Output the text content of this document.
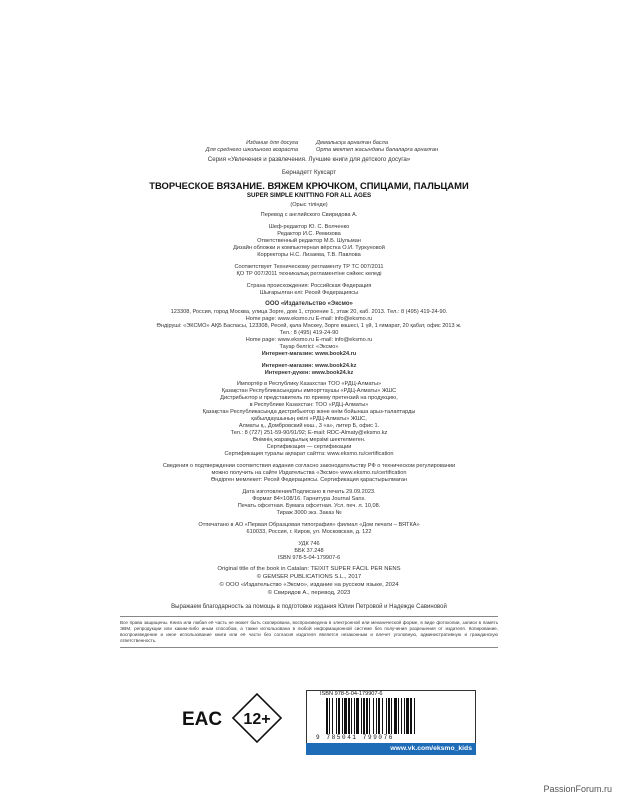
Издание для досуга
Для среднего школьного возраста
Демалысқа арналған басла
Орта мектеп жасындағы балаларға арналған
Серия «Увлечения и развлечения. Лучшие книги для детского досуга»
Бернадетт Куксарт
ТВОРЧЕСКОЕ ВЯЗАНИЕ. ВЯЖЕМ КРЮЧКОМ, СПИЦАМИ, ПАЛЬЦАМИ
SUPER SIMPLE KNITTING FOR ALL AGES
(Орыс тілінде)
Перевод с английского Свиридова А.
Шеф-редактор Ю. С. Волченко
Редактор И.С. Ремизова
Ответственный редактор М.Б. Шульман
Дизайн обложки и компьютерная вёрстка О.И. Туркуновой
Корректоры Н.С. Лизаева, Т.В. Павлова
Соответствует Техническому регламенту ТР ТС 007/2011
ҚО ТР 007/2011 техникалық регламентіне сәйкес келеді
Страна происхождения: Российская Федерация
Шығарылған елі: Ресей Федерациясы
ООО «Издательство «Эксмо»
123308, Россия, город Москва, улица Зорге, дом 1, строение 1, этаж 20, каб. 2013. Тел.: 8 (495) 419-24-90.
Home page: www.eksmo.ru E-mail: info@eksmo.ru
Өндіруші: «ЭКСМО» АҚБ Баспасы, 123308, Ресей, қала Мәскеу, Зорге көшесі, 1 үй, 1 ғимарат, 20 қабат, офис 2013 ж.
Тел.: 8 (495) 419-24-90
Home page: www.eksmo.ru E-mail: info@eksmo.ru
Тауар белгісі: «Эксмо»
Интернет-магазин: www.book24.ru
Интернет-магазин: www.book24.kz
Интернет-дүкен: www.book24.kz
Импортёр в Республику Казахстан ТОО «РДЦ-Алматы»
Қазақстан Республикасындағы импорттаушы «РДЦ-Алматы» ЖШС
Дистрибьютор и представитель по приему претензий на продукцию,
в Республике Казахстан: ТОО «РДЦ-Алматы»
Қазақстан Республикасында дистрибьютор және өнім бойынша арыз-талаптарды
қабылдаушының өкілі «РДЦ-Алматы» ЖШС,
Алматы қ., Домбровский көш., 3 «а», литер Б, офис 1.
Тел.: 8 (727) 251-59-90/91/92; E-mail: RDC-Almaty@eksmo.kz
Өнімнің жарамдылық мерзімі шектелмеген.
Сертификация — сертификации
Сертификация туралы ақпарат сайтта: www.eksmo.ru/certification
Сведения о подтверждении соответствия издания согласно законодательству РФ о техническом регулировании
можно получить на сайте Издательства «Эксмо» www.eksmo.ru/certification
Өндірген мемлекет: Ресей Федерациясы. Сертификация қарастырылмаған
Дата изготовления/Подписано в печать 29.09.2023.
Формат 84×108/16. Гарнитура Journal Sans.
Печать офсетная. Бумага офсетная. Усл. печ. л. 10,08.
Тираж 3000 экз. Заказ №
Отпечатано в АО «Первая Образцовая типография» филиал «Дом печати – ВЯТКА»
610033, Россия, г. Киров, ул. Московская, д. 122
УДК 746
ББК 37.248
ISBN 978-5-04-179907-6
Original title of the book in Catalan: TEIXIT SUPER FÀCIL PER NENS
© GEMSER PUBLICATIONS S.L., 2017
© ООО «Издательство «Эксмо», издание на русском языке, 2024
© Свиридов А., перевод, 2023
Выражаем благодарность за помощь в подготовке издания Юлии Петровой и Надежде Савиновой
Все права защищены. Книга или любая её часть не может быть скопирована, воспроизведена в электронной или механической форме, в виде фотокопии, записи в память ЭВМ, репродукции или каким-либо иным способом, а также использована в любой информационной системе без получения разрешения от издателя. Копирование, воспроизведение и иное использование книги или её части без согласия издателя является незаконным и влечет уголовную, административную и гражданскую ответственность.
EAC 12+
ISBN 978-5-04-179907-6
9 785041 799076
www.vk.com/eksmo_kids
PassionForum.ru
